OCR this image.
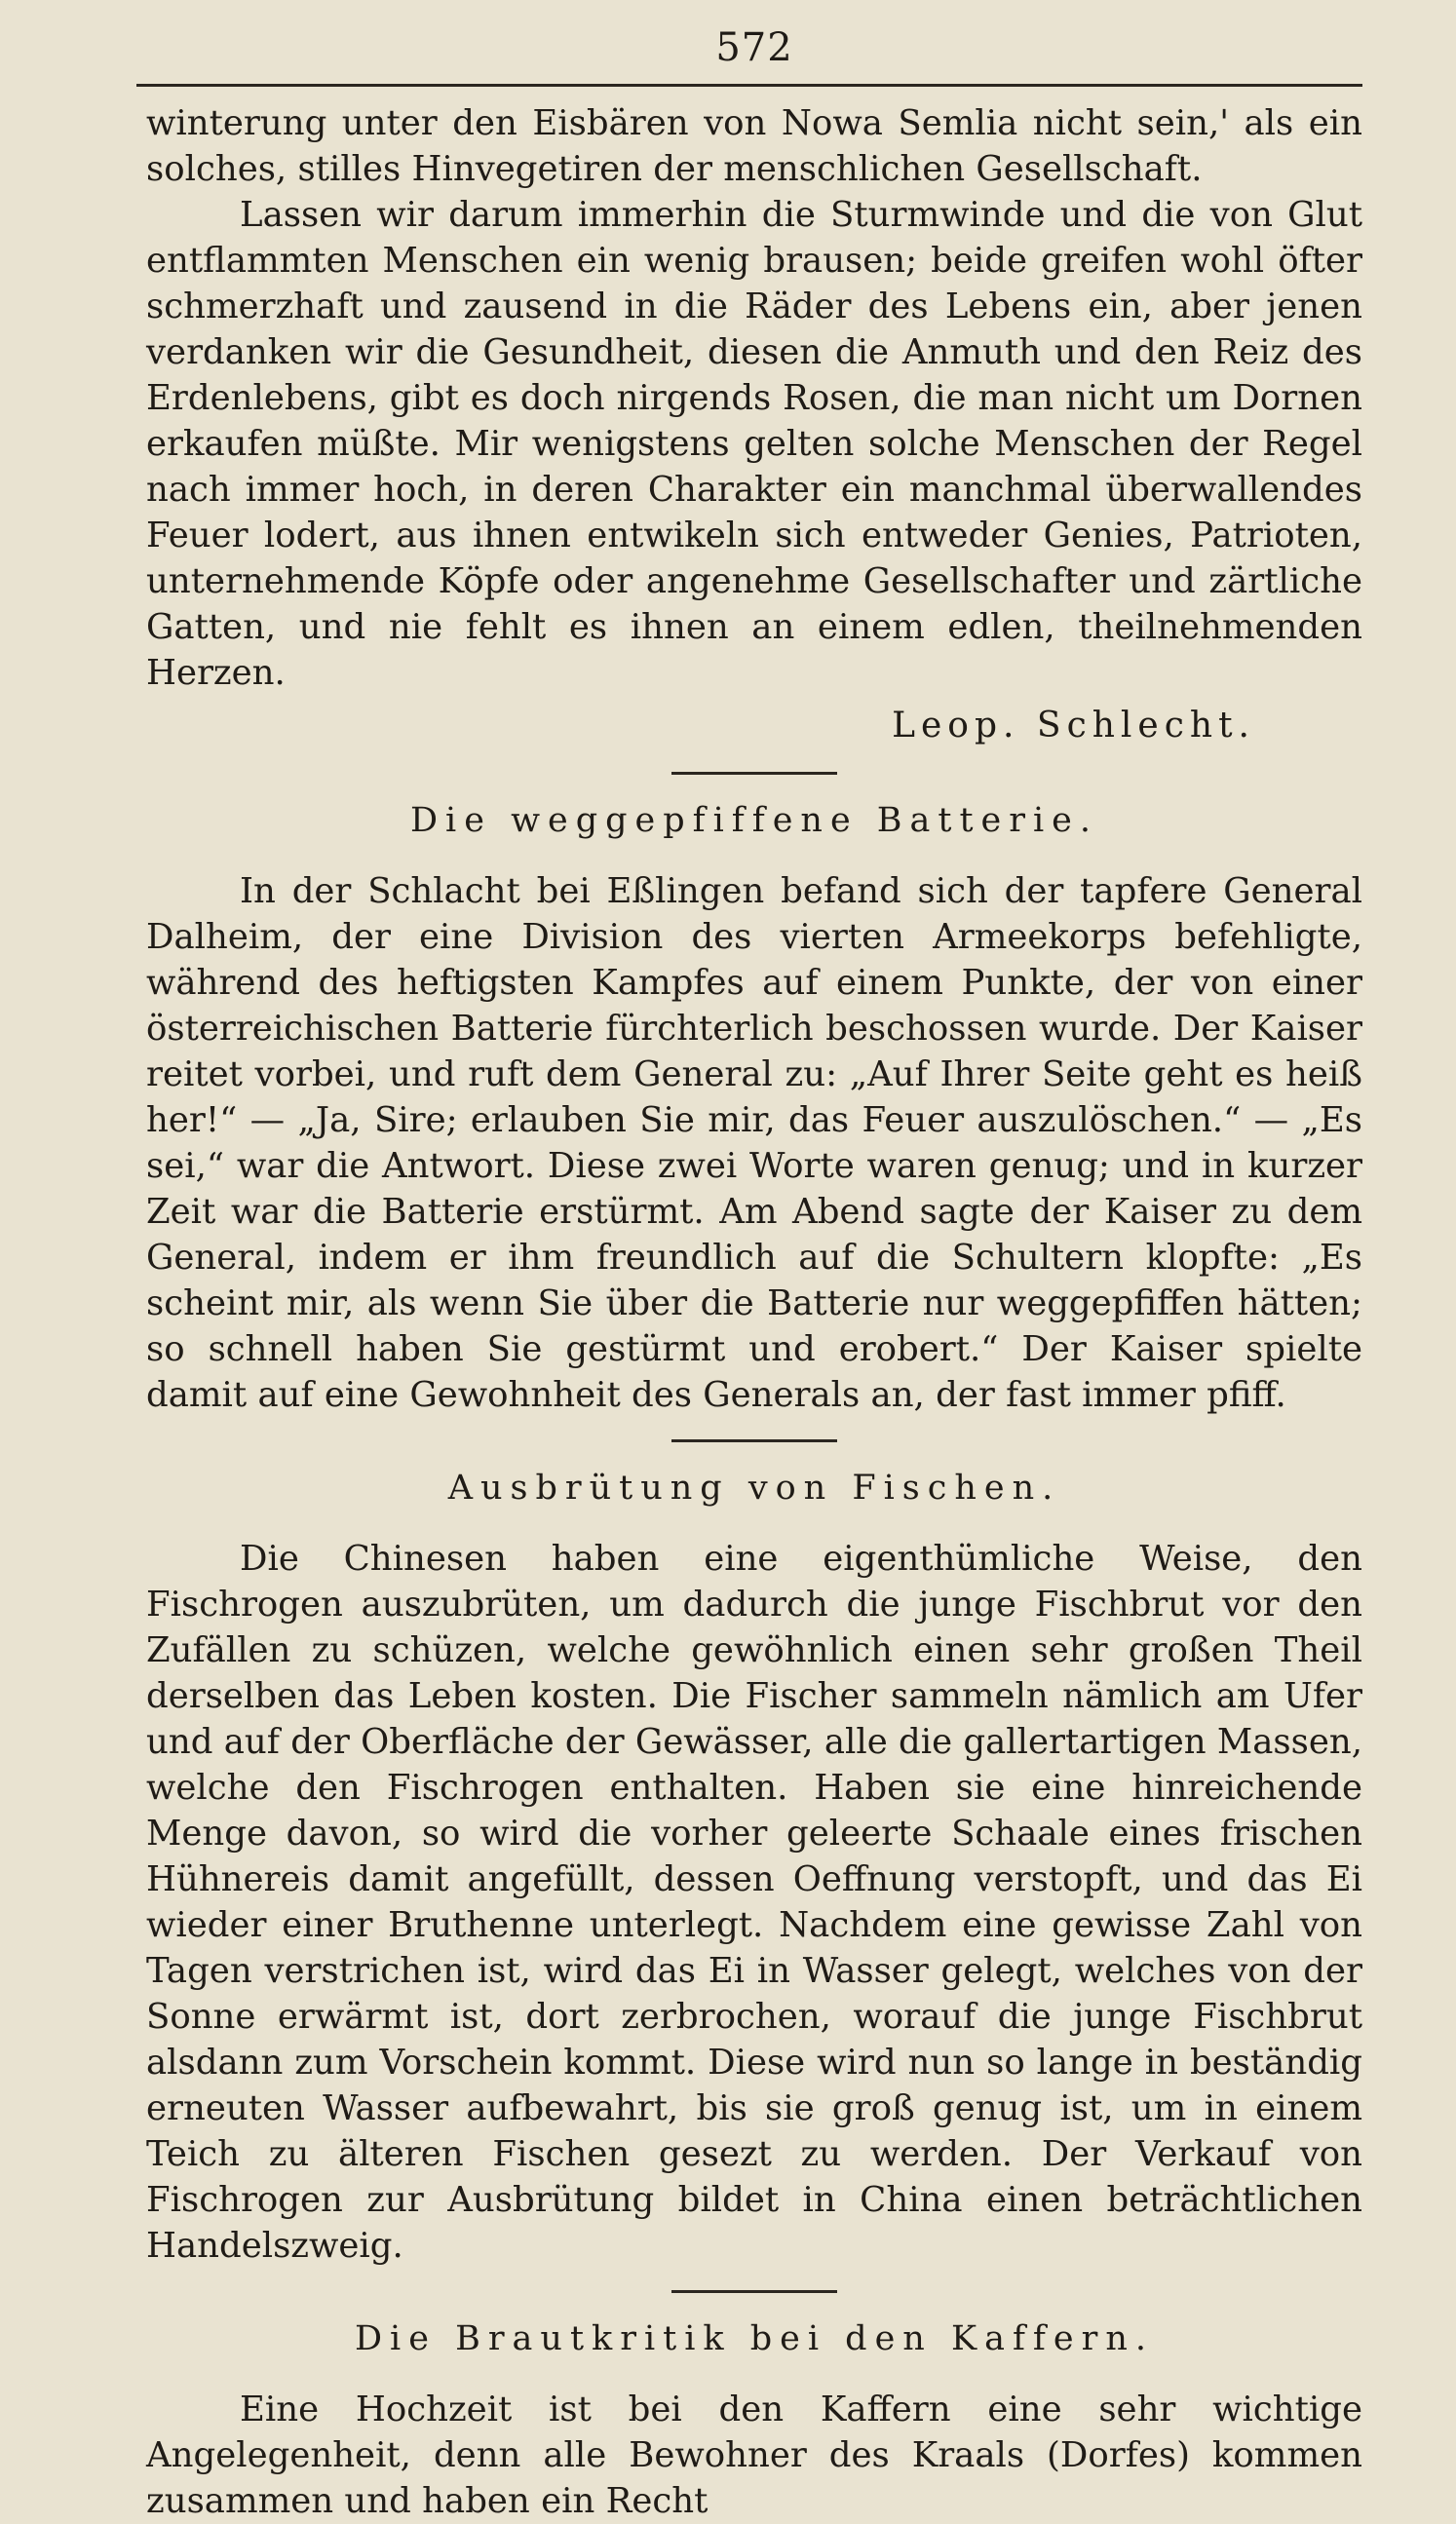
572

winterung unter den Eisbären von Nowa Semlia nicht sein,' als ein solches, stilles Hinvegetiren der menschlichen Gesellschaft.

Lassen wir darum immerhin die Sturmwinde und die von Glut entflammten Menschen ein wenig brausen; beide greifen wohl öfter schmerzhaft und zausend in die Räder des Lebens ein, aber jenen verdanken wir die Gesundheit, diesen die Anmuth und den Reiz des Erdenlebens, gibt es doch nirgends Rosen, die man nicht um Dornen erkaufen müßte. Mir wenigstens gelten solche Menschen der Regel nach immer hoch, in deren Charakter ein manchmal überwallendes Feuer lodert, aus ihnen entwikeln sich entweder Genies, Patrioten, unternehmende Köpfe oder angenehme Gesellschafter und zärtliche Gatten, und nie fehlt es ihnen an einem edlen, theilnehmenden Herzen.

Leop. Schlecht.
Die weggepfiffene Batterie.

In der Schlacht bei Eßlingen befand sich der tapfere General Dalheim, der eine Division des vierten Armeekorps befehligte, während des heftigsten Kampfes auf einem Punkte, der von einer österreichischen Batterie fürchterlich beschossen wurde. Der Kaiser reitet vorbei, und ruft dem General zu: „Auf Ihrer Seite geht es heiß her!“ — „Ja, Sire; erlauben Sie mir, das Feuer auszulöschen.“ — „Es sei,“ war die Antwort. Diese zwei Worte waren genug; und in kurzer Zeit war die Batterie erstürmt. Am Abend sagte der Kaiser zu dem General, indem er ihm freundlich auf die Schultern klopfte: „Es scheint mir, als wenn Sie über die Batterie nur weggepfiffen hätten; so schnell haben Sie gestürmt und erobert.“ Der Kaiser spielte damit auf eine Gewohnheit des Generals an, der fast immer pfiff.

Ausbrütung von Fischen.

Die Chinesen haben eine eigenthümliche Weise, den Fischrogen auszubrüten, um dadurch die junge Fischbrut vor den Zufällen zu schüzen, welche gewöhnlich einen sehr großen Theil derselben das Leben kosten. Die Fischer sammeln nämlich am Ufer und auf der Oberfläche der Gewässer, alle die gallertartigen Massen, welche den Fischrogen enthalten. Haben sie eine hinreichende Menge davon, so wird die vorher geleerte Schaale eines frischen Hühnereis damit angefüllt, dessen Oeffnung verstopft, und das Ei wieder einer Bruthenne unterlegt. Nachdem eine gewisse Zahl von Tagen verstrichen ist, wird das Ei in Wasser gelegt, welches von der Sonne erwärmt ist, dort zerbrochen, worauf die junge Fischbrut alsdann zum Vorschein kommt. Diese wird nun so lange in beständig erneuten Wasser aufbewahrt, bis sie groß genug ist, um in einem Teich zu älteren Fischen gesezt zu werden. Der Verkauf von Fischrogen zur Ausbrütung bildet in China einen beträchtlichen Handelszweig.

Die Brautkritik bei den Kaffern.

Eine Hochzeit ist bei den Kaffern eine sehr wichtige Angelegenheit, denn alle Bewohner des Kraals (Dorfes) kommen zusammen und haben ein Recht
